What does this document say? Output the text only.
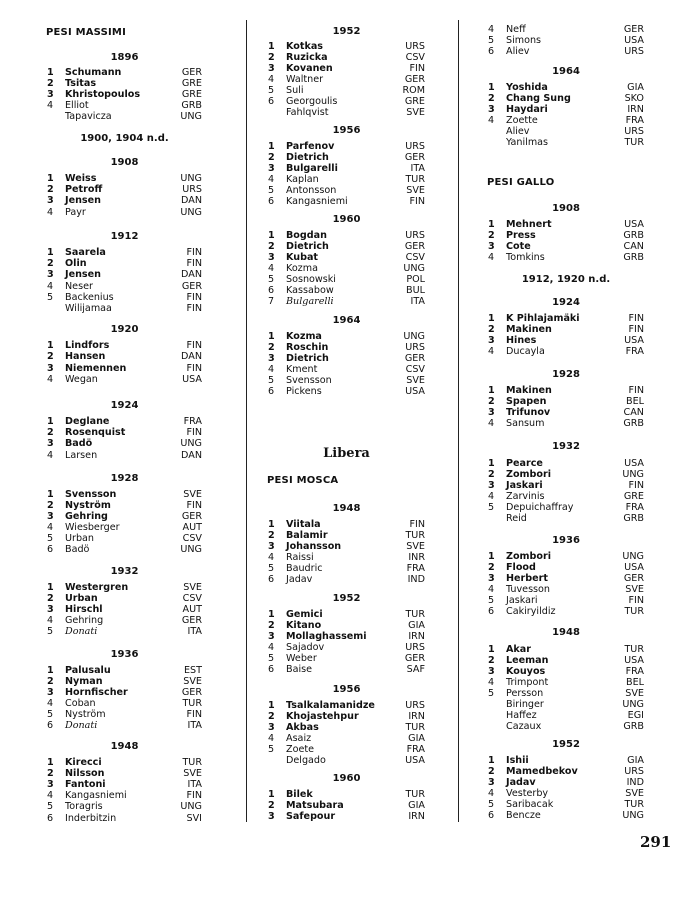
PESI MASSIMI
1896
1	Schumann	GER
2	Tsitas	GRE
3	Khristopoulos	GRE
4	Elliot	GRB
Tapavicza	UNG
1900, 1904 n.d.
1908
1	Weiss	UNG
2	Petroff	URS
3	Jensen	DAN
4	Payr	UNG
1912
1	Saarela	FIN
2	Olin	FIN
3	Jensen	DAN
4	Neser	GER
5	Backenius	FIN
Wilijamaa	FIN
1920
1	Lindfors	FIN
2	Hansen	DAN
3	Niemennen	FIN
4	Wegan	USA
1924
1	Deglane	FRA
2	Rosenquist	FIN
3	Badö	UNG
4	Larsen	DAN
1928
1	Svensson	SVE
2	Nyström	FIN
3	Gehring	GER
4	Wiesberger	AUT
5	Urban	CSV
6	Badö	UNG
1932
1	Westergren	SVE
2	Urban	CSV
3	Hirschl	AUT
4	Gehring	GER
5	Donati	ITA
1936
1	Palusalu	EST
2	Nyman	SVE
3	Hornfischer	GER
4	Coban	TUR
5	Nyström	FIN
6	Donati	ITA
1948
1	Kirecci	TUR
2	Nilsson	SVE
3	Fantoni	ITA
4	Kangasniemi	FIN
5	Toragris	UNG
6	Inderbitzin	SVI
1952
1	Kotkas	URS
2	Ruzicka	CSV
3	Kovanen	FIN
4	Waltner	GER
5	Suli	ROM
6	Georgoulis	GRE
Fahlqvist	SVE
1956
1	Parfenov	URS
2	Dietrich	GER
3	Bulgarelli	ITA
4	Kaplan	TUR
5	Antonsson	SVE
6	Kangasniemi	FIN
1960
1	Bogdan	URS
2	Dietrich	GER
3	Kubat	CSV
4	Kozma	UNG
5	Sosnowski	POL
6	Kassabow	BUL
7	Bulgarelli	ITA
1964
1	Kozma	UNG
2	Roschin	URS
3	Dietrich	GER
4	Kment	CSV
5	Svensson	SVE
6	Pickens	USA
Libera
PESI MOSCA
1948
1	Viitala	FIN
2	Balamir	TUR
3	Johansson	SVE
4	Raissi	INR
5	Baudric	FRA
6	Jadav	IND
1952
1	Gemici	TUR
2	Kitano	GIA
3	Mollaghassemi	IRN
4	Sajadov	URS
5	Weber	GER
6	Baise	SAF
1956
1	Tsalkalamanidze	URS
2	Khojastehpur	IRN
3	Akbas	TUR
4	Asaiz	GIA
5	Zoete	FRA
Delgado	USA
1960
1	Bilek	TUR
2	Matsubara	GIA
3	Safepour	IRN
4	Neff	GER
5	Simons	USA
6	Aliev	URS
1964
1	Yoshida	GIA
2	Chang Sung	SKO
3	Haydari	IRN
4	Zoette	FRA
Aliev	URS
Yanilmas	TUR
PESI GALLO
1908
1	Mehnert	USA
2	Press	GRB
3	Cote	CAN
4	Tomkins	GRB
1912, 1920 n.d.
1924
1	K Pihlajamäki	FIN
2	Makinen	FIN
3	Hines	USA
4	Ducayla	FRA
1928
1	Makinen	FIN
2	Spapen	BEL
3	Trifunov	CAN
4	Sansum	GRB
1932
1	Pearce	USA
2	Zombori	UNG
3	Jaskari	FIN
4	Zarvinis	GRE
5	Depuichaffray	FRA
Reid	GRB
1936
1	Zombori	UNG
2	Flood	USA
3	Herbert	GER
4	Tuvesson	SVE
5	Jaskari	FIN
6	Cakiryildiz	TUR
1948
1	Akar	TUR
2	Leeman	USA
3	Kouyos	FRA
4	Trimpont	BEL
5	Persson	SVE
Biringer	UNG
Haffez	EGI
Cazaux	GRB
1952
1	Ishii	GIA
2	Mamedbekov	URS
3	Jadav	IND
4	Vesterby	SVE
5	Saribacak	TUR
6	Bencze	UNG
291
